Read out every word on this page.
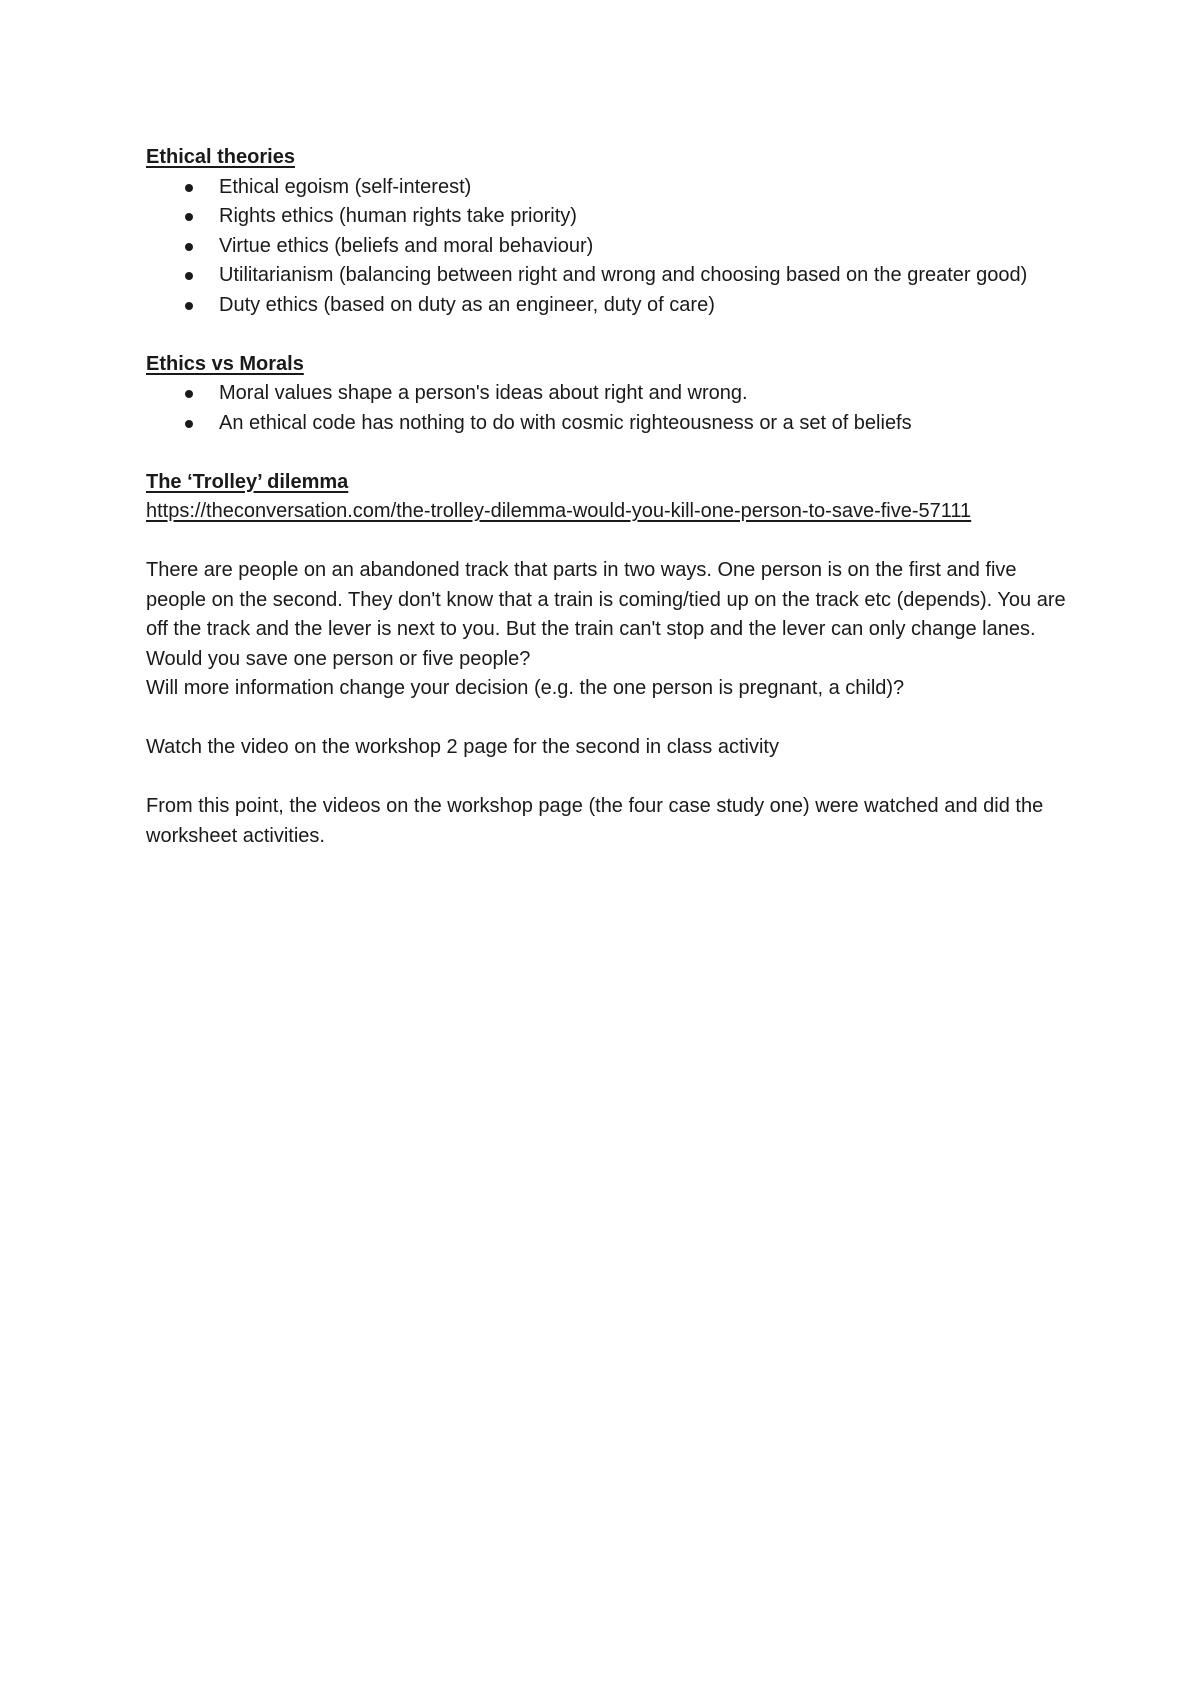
Ethical theories
Ethical egoism (self-interest)
Rights ethics (human rights take priority)
Virtue ethics (beliefs and moral behaviour)
Utilitarianism (balancing between right and wrong and choosing based on the greater good)
Duty ethics (based on duty as an engineer, duty of care)
Ethics vs Morals
Moral values shape a person's ideas about right and wrong.
An ethical code has nothing to do with cosmic righteousness or a set of beliefs
The ‘Trolley’ dilemma
https://theconversation.com/the-trolley-dilemma-would-you-kill-one-person-to-save-five-57111

There are people on an abandoned track that parts in two ways. One person is on the first and five people on the second. They don't know that a train is coming/tied up on the track etc (depends). You are off the track and the lever is next to you. But the train can't stop and the lever can only change lanes.

Would you save one person or five people?

Will more information change your decision (e.g. the one person is pregnant, a child)?

Watch the video on the workshop 2 page for the second in class activity

From this point, the videos on the workshop page (the four case study one) were watched and did the worksheet activities.
